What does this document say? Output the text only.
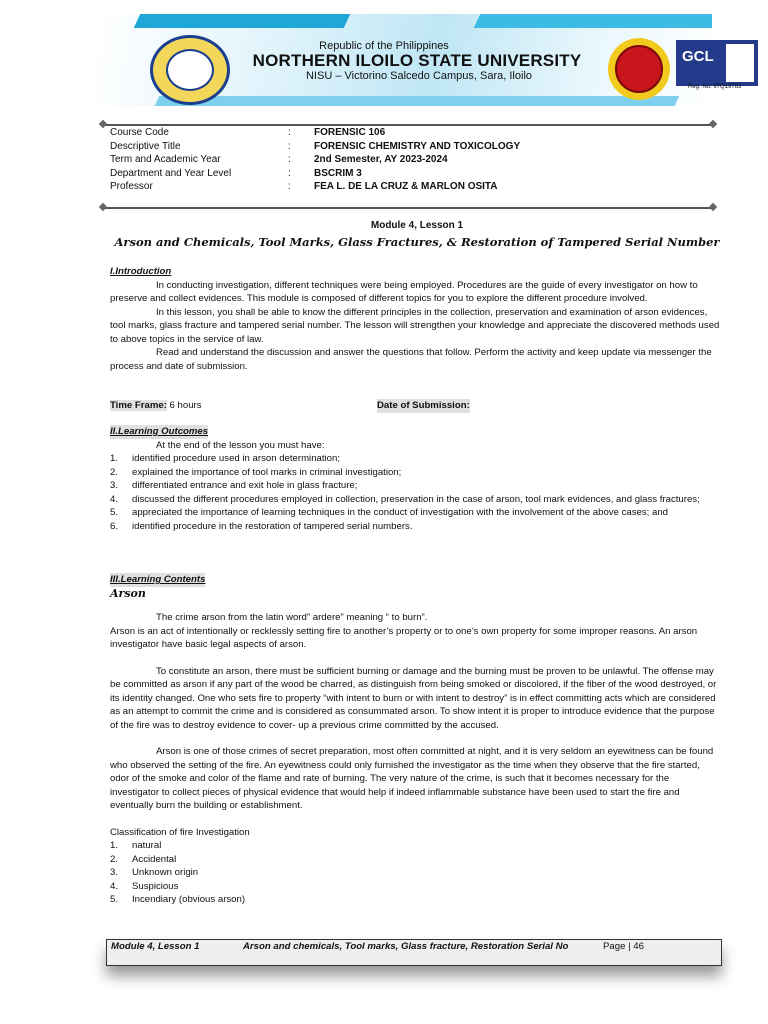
GCL
Reg. No. 97Q19783
Republic of the Philippines
NORTHERN ILOILO STATE UNIVERSITY
NISU – Victorino Salcedo Campus, Sara, Iloilo
Course Code	:	FORENSIC 106
Descriptive Title	:	FORENSIC CHEMISTRY AND TOXICOLOGY
Term and Academic Year	:	2nd Semester, AY 2023-2024
Department and Year Level	:	BSCRIM 3
Professor	:	FEA L. DE LA CRUZ & MARLON OSITA
Module 4, Lesson 1
Arson and Chemicals, Tool Marks, Glass Fractures, & Restoration of Tampered Serial Number
I.Introduction
In conducting investigation, different techniques were being employed. Procedures are the guide of every investigator on how to preserve and collect evidences. This module is composed of different topics for you to explore the different procedure involved.
In this lesson, you shall be able to know the different principles in the collection, preservation and examination of arson evidences, tool marks, glass fracture and tampered serial number. The lesson will strengthen your knowledge and appreciate the discovered methods used to above topics in the service of law.
Read and understand the discussion and answer the questions that follow. Perform the activity and keep update via messenger the process and date of submission.
Time Frame: 6 hours	Date of Submission:
II.Learning Outcomes
At the end of the lesson you must have:
1.	identified procedure used in arson determination;
2.	explained the importance of tool marks in criminal investigation;
3.	differentiated entrance and exit hole in glass fracture;
4.	discussed the different procedures employed in collection, preservation in the case of arson, tool mark evidences, and glass fractures;
5.	appreciated the importance of learning techniques in the conduct of investigation with the involvement of the above cases; and
6.	identified procedure in the restoration of tampered serial numbers.
III.Learning Contents
Arson
The crime arson from the latin word” ardere” meaning “ to burn”.
Arson is an act of intentionally or recklessly setting fire to another’s property or to one’s own property for some improper reasons. An arson investigator have basic legal aspects of arson.
To constitute an arson, there must be sufficient burning or damage and the burning must be proven to be unlawful. The offense may be committed as arson if any part of the wood be charred, as distinguish from being smoked or discolored, if the fiber of the wood destroyed, or its identity changed. One who sets fire to property “with intent to burn or with intent to destroy” is in effect committing acts which are considered as an attempt to commit the crime and is considered as consummated arson. To show intent it is proper to introduce evidence that the purpose of the fire was to destroy evidence to cover- up a previous crime committed by the accused.
Arson is one of those crimes of secret preparation, most often committed at night, and it is very seldom an eyewitness can be found who observed the setting of the fire. An eyewitness could only furnished the investigator as the time when they observe that the fire started, odor of the smoke and color of the flame and rate of burning. The very nature of the crime, is such that it becomes necessary for the investigator to collect pieces of physical evidence that would help if indeed inflammable substance have been used to start the fire and eventually burn the building or establishment.
Classification of fire Investigation
1.	natural
2.	Accidental
3.	Unknown origin
4.	Suspicious
5.	Incendiary (obvious arson)
Module 4, Lesson 1	Arson and chemicals, Tool marks, Glass fracture, Restoration Serial No	Page | 46
